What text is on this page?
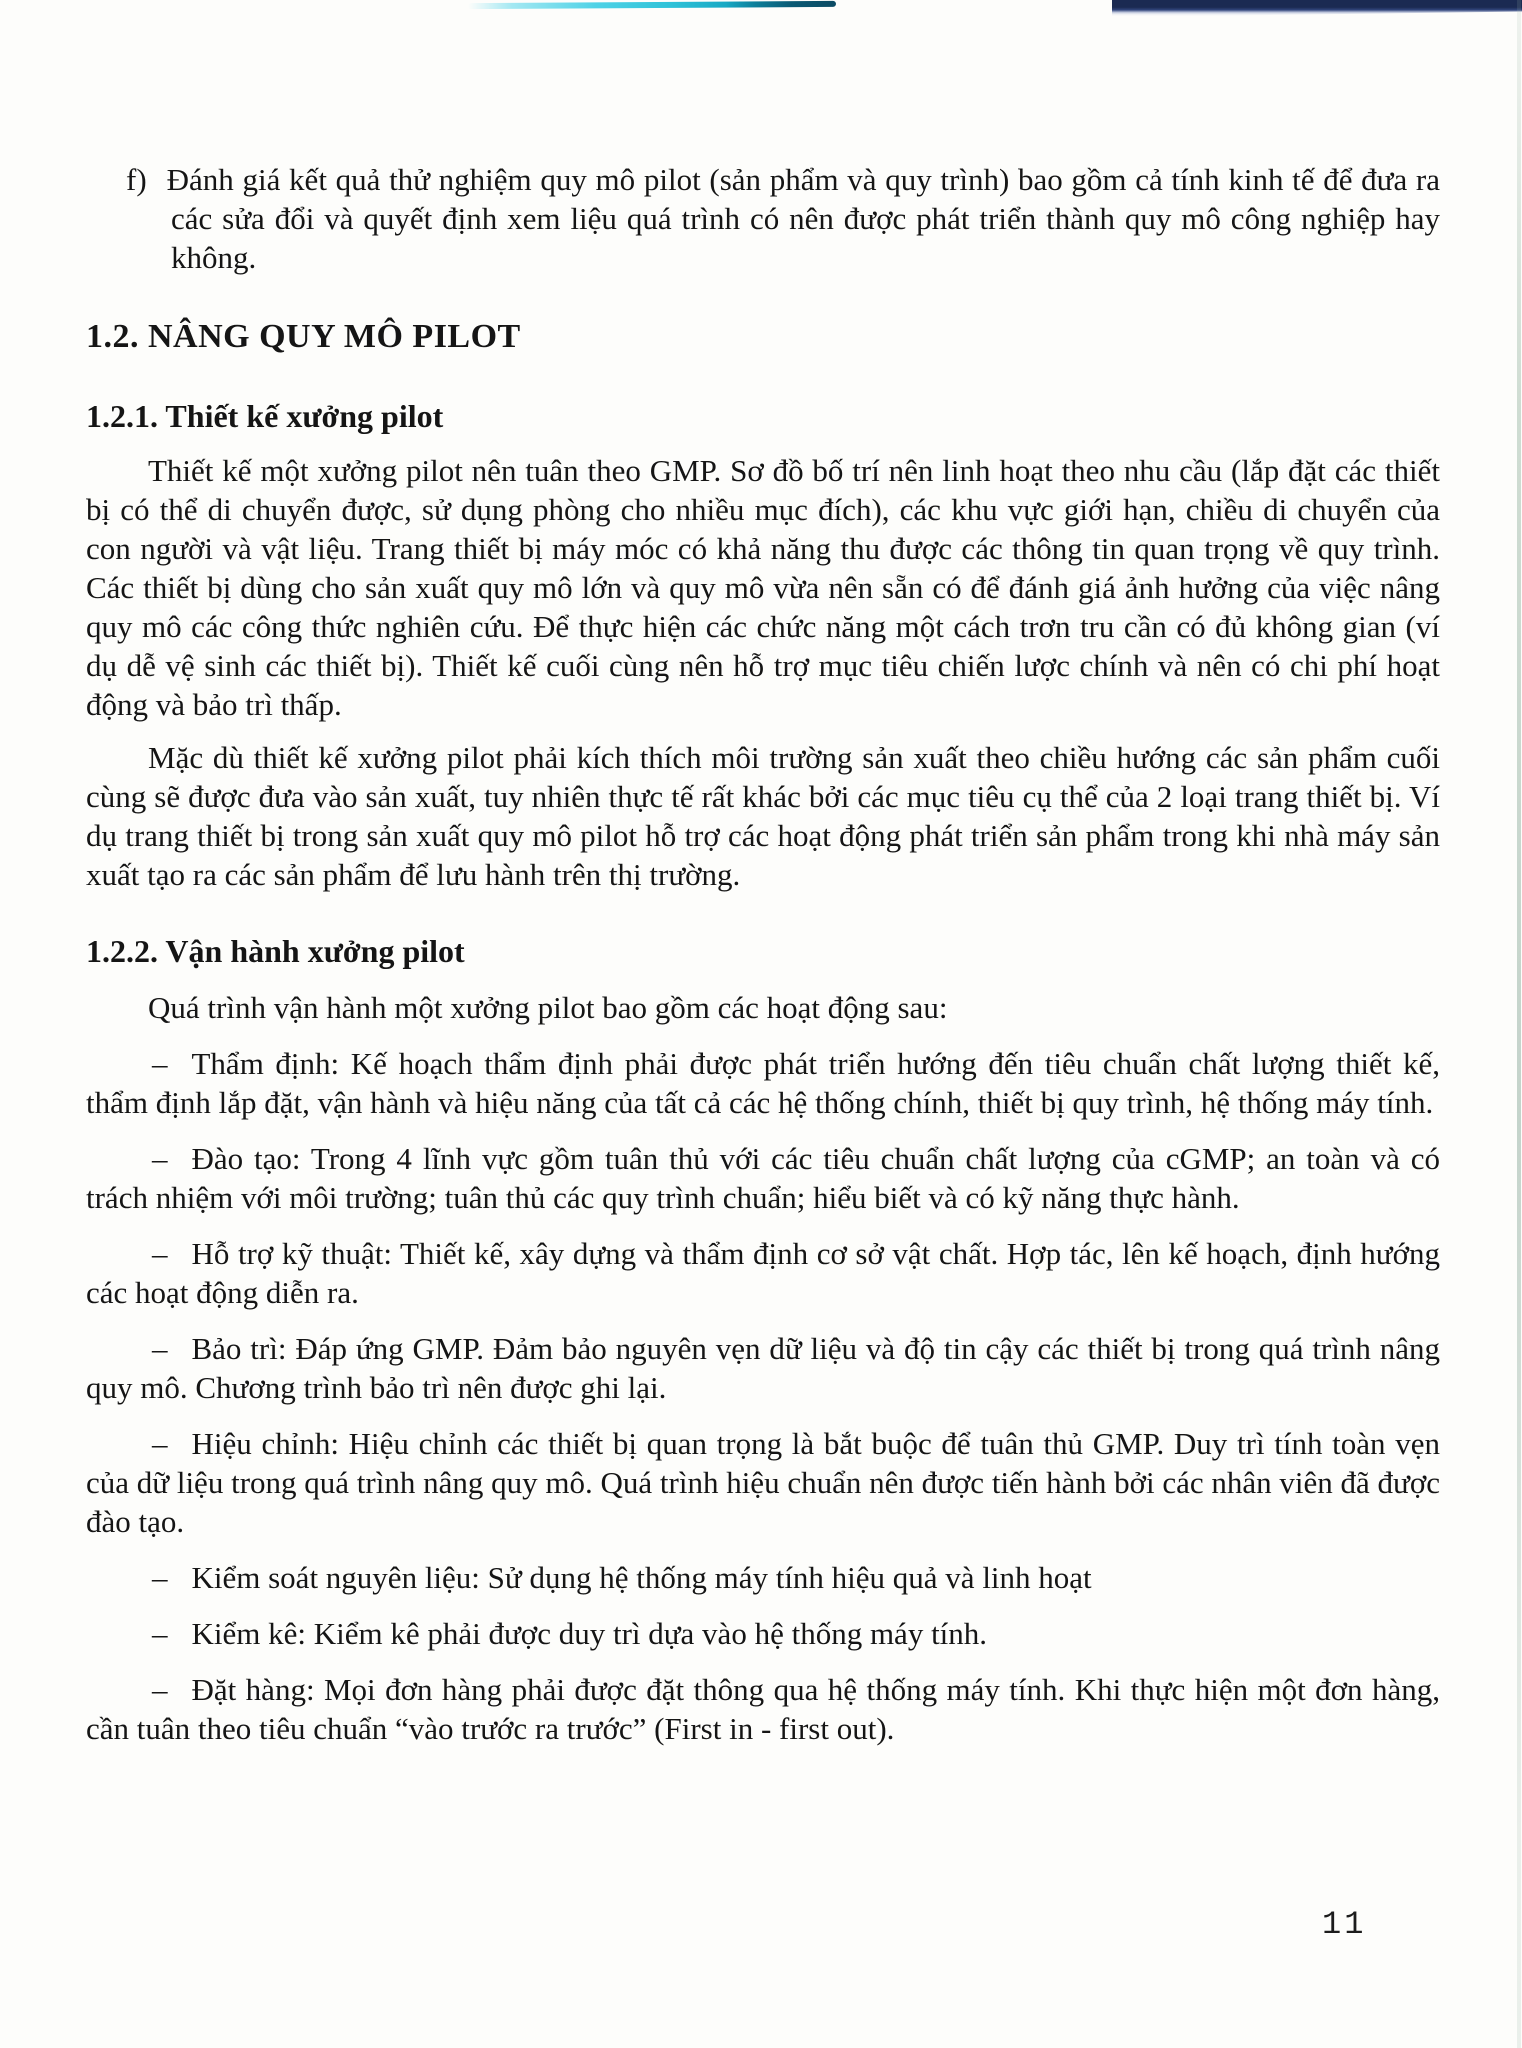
f) Đánh giá kết quả thử nghiệm quy mô pilot (sản phẩm và quy trình) bao gồm cả tính kinh tế để đưa ra các sửa đổi và quyết định xem liệu quá trình có nên được phát triển thành quy mô công nghiệp hay không.

1.2. NÂNG QUY MÔ PILOT
1.2.1. Thiết kế xưởng pilot

Thiết kế một xưởng pilot nên tuân theo GMP. Sơ đồ bố trí nên linh hoạt theo nhu cầu (lắp đặt các thiết bị có thể di chuyển được, sử dụng phòng cho nhiều mục đích), các khu vực giới hạn, chiều di chuyển của con người và vật liệu. Trang thiết bị máy móc có khả năng thu được các thông tin quan trọng về quy trình. Các thiết bị dùng cho sản xuất quy mô lớn và quy mô vừa nên sẵn có để đánh giá ảnh hưởng của việc nâng quy mô các công thức nghiên cứu. Để thực hiện các chức năng một cách trơn tru cần có đủ không gian (ví dụ dễ vệ sinh các thiết bị). Thiết kế cuối cùng nên hỗ trợ mục tiêu chiến lược chính và nên có chi phí hoạt động và bảo trì thấp.

Mặc dù thiết kế xưởng pilot phải kích thích môi trường sản xuất theo chiều hướng các sản phẩm cuối cùng sẽ được đưa vào sản xuất, tuy nhiên thực tế rất khác bởi các mục tiêu cụ thể của 2 loại trang thiết bị. Ví dụ trang thiết bị trong sản xuất quy mô pilot hỗ trợ các hoạt động phát triển sản phẩm trong khi nhà máy sản xuất tạo ra các sản phẩm để lưu hành trên thị trường.

1.2.2. Vận hành xưởng pilot

Quá trình vận hành một xưởng pilot bao gồm các hoạt động sau:

– Thẩm định: Kế hoạch thẩm định phải được phát triển hướng đến tiêu chuẩn chất lượng thiết kế, thẩm định lắp đặt, vận hành và hiệu năng của tất cả các hệ thống chính, thiết bị quy trình, hệ thống máy tính.

– Đào tạo: Trong 4 lĩnh vực gồm tuân thủ với các tiêu chuẩn chất lượng của cGMP; an toàn và có trách nhiệm với môi trường; tuân thủ các quy trình chuẩn; hiểu biết và có kỹ năng thực hành.

– Hỗ trợ kỹ thuật: Thiết kế, xây dựng và thẩm định cơ sở vật chất. Hợp tác, lên kế hoạch, định hướng các hoạt động diễn ra.

– Bảo trì: Đáp ứng GMP. Đảm bảo nguyên vẹn dữ liệu và độ tin cậy các thiết bị trong quá trình nâng quy mô. Chương trình bảo trì nên được ghi lại.

– Hiệu chỉnh: Hiệu chỉnh các thiết bị quan trọng là bắt buộc để tuân thủ GMP. Duy trì tính toàn vẹn của dữ liệu trong quá trình nâng quy mô. Quá trình hiệu chuẩn nên được tiến hành bởi các nhân viên đã được đào tạo.

– Kiểm soát nguyên liệu: Sử dụng hệ thống máy tính hiệu quả và linh hoạt

– Kiểm kê: Kiểm kê phải được duy trì dựa vào hệ thống máy tính.

– Đặt hàng: Mọi đơn hàng phải được đặt thông qua hệ thống máy tính. Khi thực hiện một đơn hàng, cần tuân theo tiêu chuẩn “vào trước ra trước” (First in - first out).

11
